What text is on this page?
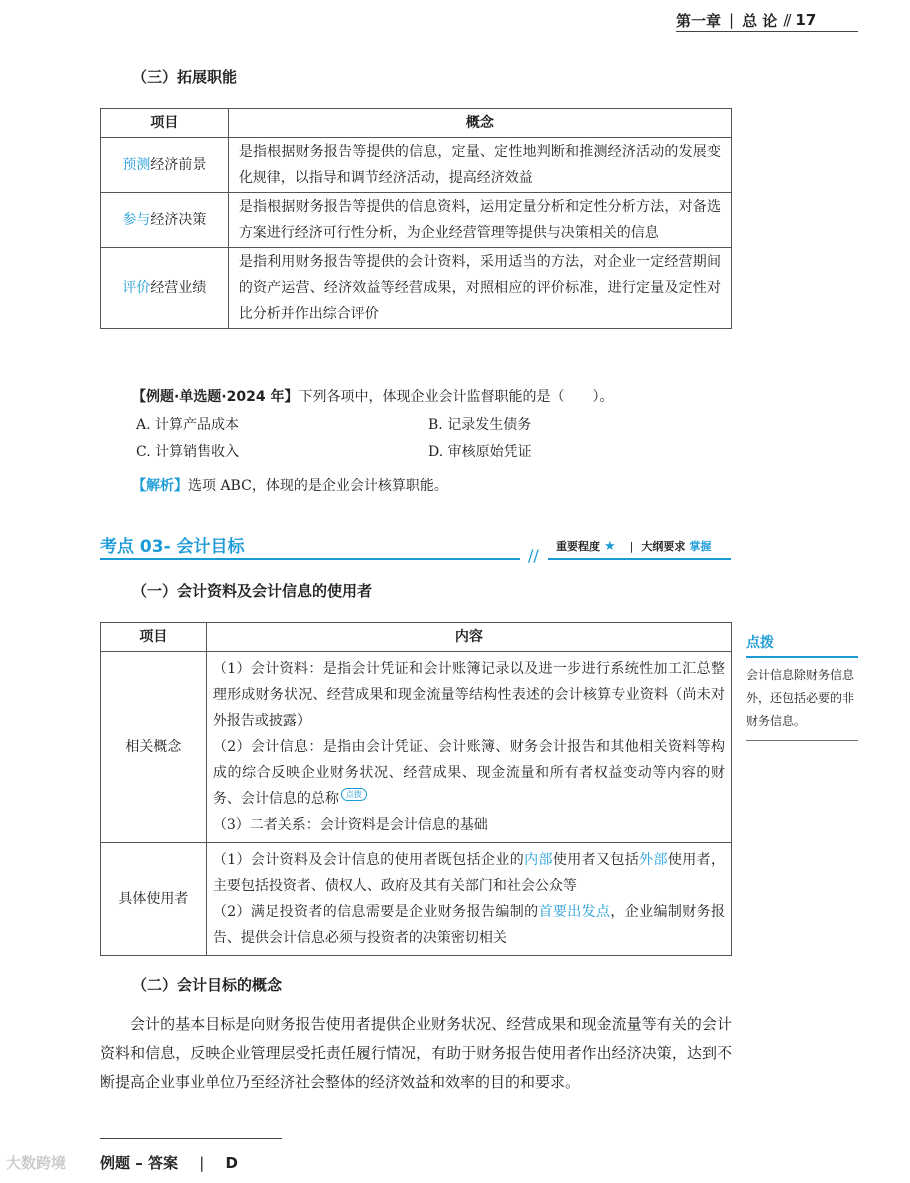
第一章 | 总 论 // 17
（三）拓展职能
项目	概念
预测经济前景	是指根据财务报告等提供的信息，定量、定性地判断和推测经济活动的发展变化规律，以指导和调节经济活动，提高经济效益
参与经济决策	是指根据财务报告等提供的信息资料，运用定量分析和定性分析方法，对备选方案进行经济可行性分析，为企业经营管理等提供与决策相关的信息
评价经营业绩	是指利用财务报告等提供的会计资料，采用适当的方法，对企业一定经营期间的资产运营、经济效益等经营成果，对照相应的评价标准，进行定量及定性对比分析并作出综合评价
【例题·单选题·2024 年】下列各项中，体现企业会计监督职能的是（　　）。
A. 计算产品成本	B. 记录发生债务
C. 计算销售收入	D. 审核原始凭证
【解析】选项 ABC，体现的是企业会计核算职能。
考点 03- 会计目标	// 重要程度 ★ | 大纲要求 掌握
（一）会计资料及会计信息的使用者
项目	内容
相关概念	（1）会计资料：是指会计凭证和会计账簿记录以及进一步进行系统性加工汇总整理形成财务状况、经营成果和现金流量等结构性表述的会计核算专业资料（尚未对外报告或披露）
（2）会计信息：是指由会计凭证、会计账簿、财务会计报告和其他相关资料等构成的综合反映企业财务状况、经营成果、现金流量和所有者权益变动等内容的财务、会计信息的总称 点拨
（3）二者关系：会计资料是会计信息的基础

具体使用者	（1）会计资料及会计信息的使用者既包括企业的内部使用者又包括外部使用者，主要包括投资者、债权人、政府及其有关部门和社会公众等
（2）满足投资者的信息需要是企业财务报告编制的首要出发点，企业编制财务报告、提供会计信息必须与投资者的决策密切相关
（二）会计目标的概念
会计的基本目标是向财务报告使用者提供企业财务状况、经营成果和现金流量等有关的会计资料和信息，反映企业管理层受托责任履行情况，有助于财务报告使用者作出经济决策，达到不断提高企业事业单位乃至经济社会整体的经济效益和效率的目的和要求。
点拨
会计信息除财务信息外，还包括必要的非财务信息。
例题 – 答案 | D
大数跨境
